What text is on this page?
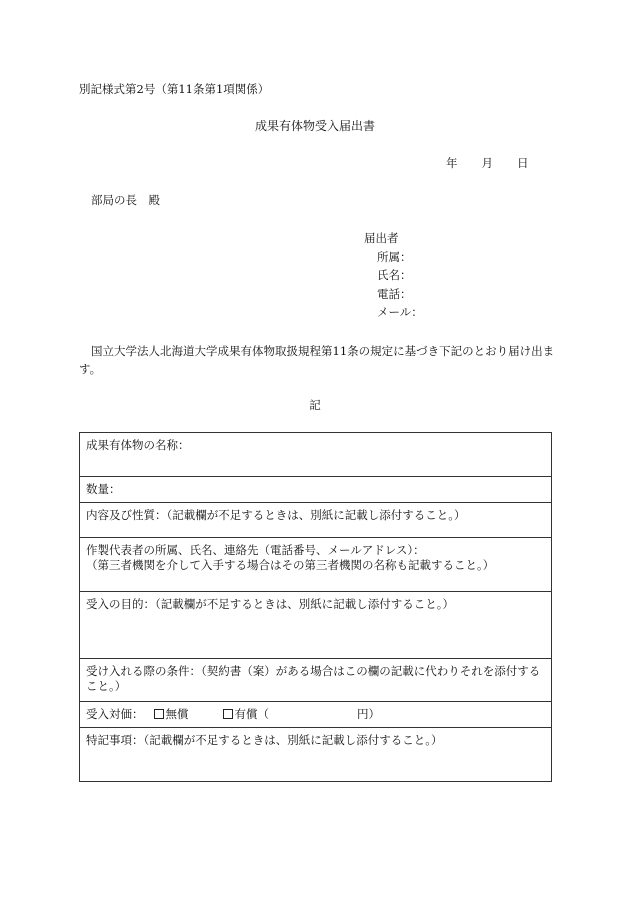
別記様式第2号（第11条第1項関係）
成果有体物受入届出書
年 月 日
部局の長　殿
届出者
所属：
氏名：
電話：
メール：
国立大学法人北海道大学成果有体物取扱規程第11条の規定に基づき下記のとおり届け出ます。
記
成果有体物の名称：
数量：
内容及び性質：（記載欄が不足するときは、別紙に記載し添付すること。）

作製代表者の所属、氏名、連絡先（電話番号、メールアドレス）：
（第三者機関を介して入手する場合はその第三者機関の名称も記載すること。）

受入の目的：（記載欄が不足するときは、別紙に記載し添付すること。）
受け入れる際の条件：（契約書（案）がある場合はこの欄の記載に代わりそれを添付すること。）
受入対価： 無償	有償（	円）
特記事項：（記載欄が不足するときは、別紙に記載し添付すること。）
